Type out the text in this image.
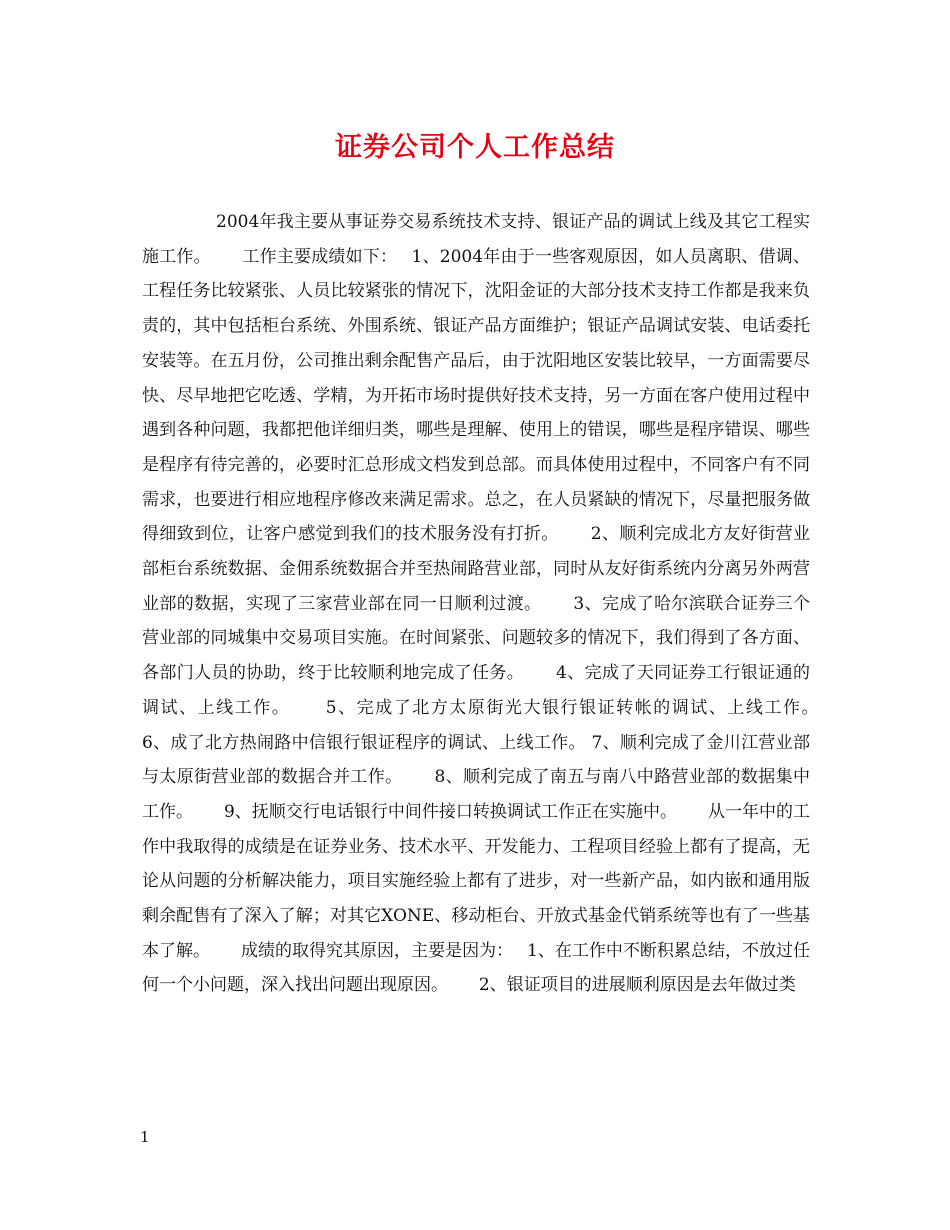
证券公司个人工作总结

2004年我主要从事证券交易系统技术支持、银证产品的调试上线及其它工程实施工作。　　 工作主要成绩如下：　 1、2004年由于一些客观原因，如人员离职、借调、工程任务比较紧张、人员比较紧张的情况下，沈阳金证的大部分技术支持工作都是我来负责的，其中包括柜台系统、外围系统、银证产品方面维护；银证产品调试安装、电话委托安装等。在五月份，公司推出剩余配售产品后，由于沈阳地区安装比较早，一方面需要尽快、尽早地把它吃透、学精，为开拓市场时提供好技术支持，另一方面在客户使用过程中遇到各种问题，我都把他详细归类，哪些是理解、使用上的错误，哪些是程序错误、哪些是程序有待完善的，必要时汇总形成文档发到总部。而具体使用过程中，不同客户有不同需求，也要进行相应地程序修改来满足需求。总之，在人员紧缺的情况下，尽量把服务做得细致到位，让客户感觉到我们的技术服务没有打折。　　 2、顺利完成北方友好街营业部柜台系统数据、金佣系统数据合并至热闹路营业部，同时从友好街系统内分离另外两营业部的数据，实现了三家营业部在同一日顺利过渡。　　 3、完成了哈尔滨联合证券三个营业部的同城集中交易项目实施。在时间紧张、问题较多的情况下，我们得到了各方面、各部门人员的协助，终于比较顺利地完成了任务。　　 4、完成了天同证券工行银证通的调试、上线工作。　　 5、完成了北方太原街光大银行银证转帐的调试、上线工作。　　 6、成了北方热闹路中信银行银证程序的调试、上线工作。 7、顺利完成了金川江营业部与太原街营业部的数据合并工作。　　 8、顺利完成了南五与南八中路营业部的数据集中工作。　　 9、抚顺交行电话银行中间件接口转换调试工作正在实施中。　　 从一年中的工作中我取得的成绩是在证券业务、技术水平、开发能力、工程项目经验上都有了提高，无论从问题的分析解决能力，项目实施经验上都有了进步，对一些新产品，如内嵌和通用版剩余配售有了深入了解；对其它XONE、移动柜台、开放式基金代销系统等也有了一些基本了解。　　 成绩的取得究其原因，主要是因为：　 1、在工作中不断积累总结，不放过任何一个小问题，深入找出问题出现原因。　　 2、银证项目的进展顺利原因是去年做过类

1
